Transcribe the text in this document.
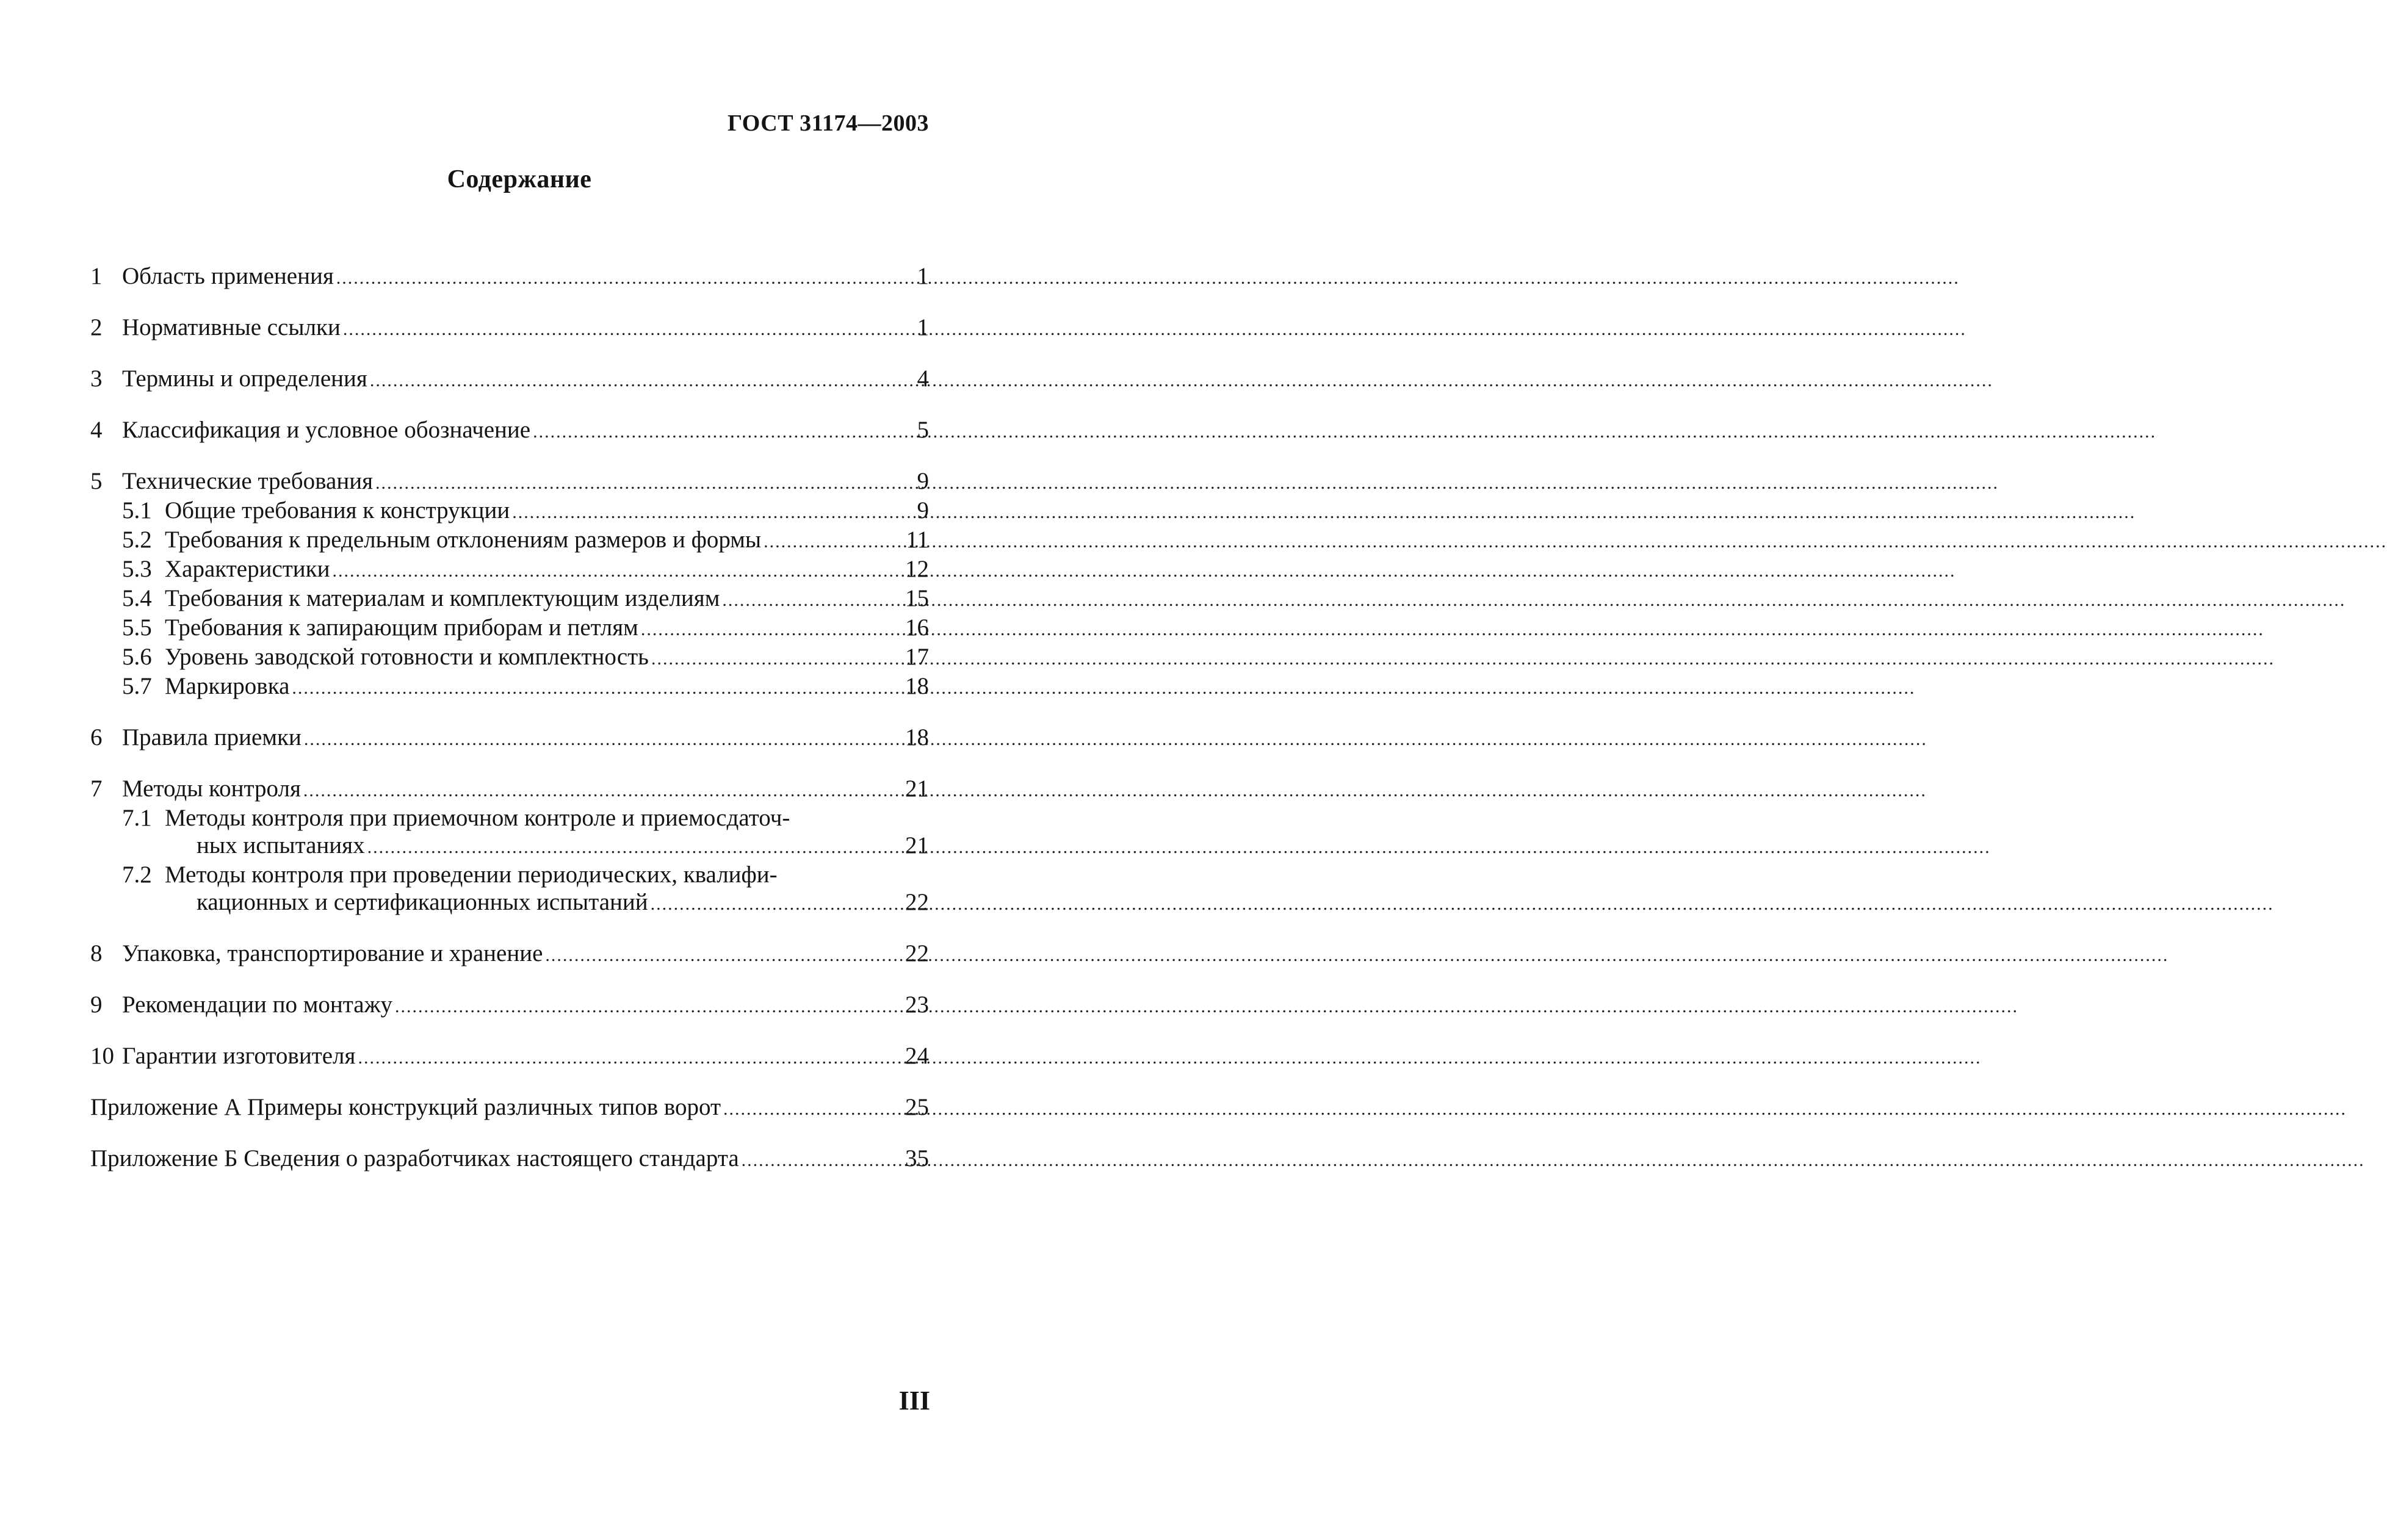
ГОСТ 31174—2003
Содержание
1 Область применения .....	1
2 Нормативные ссылки .....	1
3 Термины и определения .....	4
4 Классификация и условное обозначение .....	5
5 Технические требования .....	9
5.1 Общие требования к конструкции .....	9
5.2 Требования к предельным отклонениям размеров и формы .....	11
5.3 Характеристики .....	12
5.4 Требования к материалам и комплектующим изделиям .....	15
5.5 Требования к запирающим приборам и петлям .....	16
5.6 Уровень заводской готовности и комплектность .....	17
5.7 Маркировка .....	18
6 Правила приемки .....	18
7 Методы контроля .....	21
7.1 Методы контроля при приемочном контроле и приемосдаточ-
ных испытаниях .....	21
7.2 Методы контроля при проведении периодических, квалифи-
кационных и сертификационных испытаний .....	22
8 Упаковка, транспортирование и хранение .....	22
9 Рекомендации по монтажу .....	23
10 Гарантии изготовителя .....	24
Приложение А Примеры конструкций различных типов ворот .....	25
Приложение Б Сведения о разработчиках настоящего стандарта .....	35
III
